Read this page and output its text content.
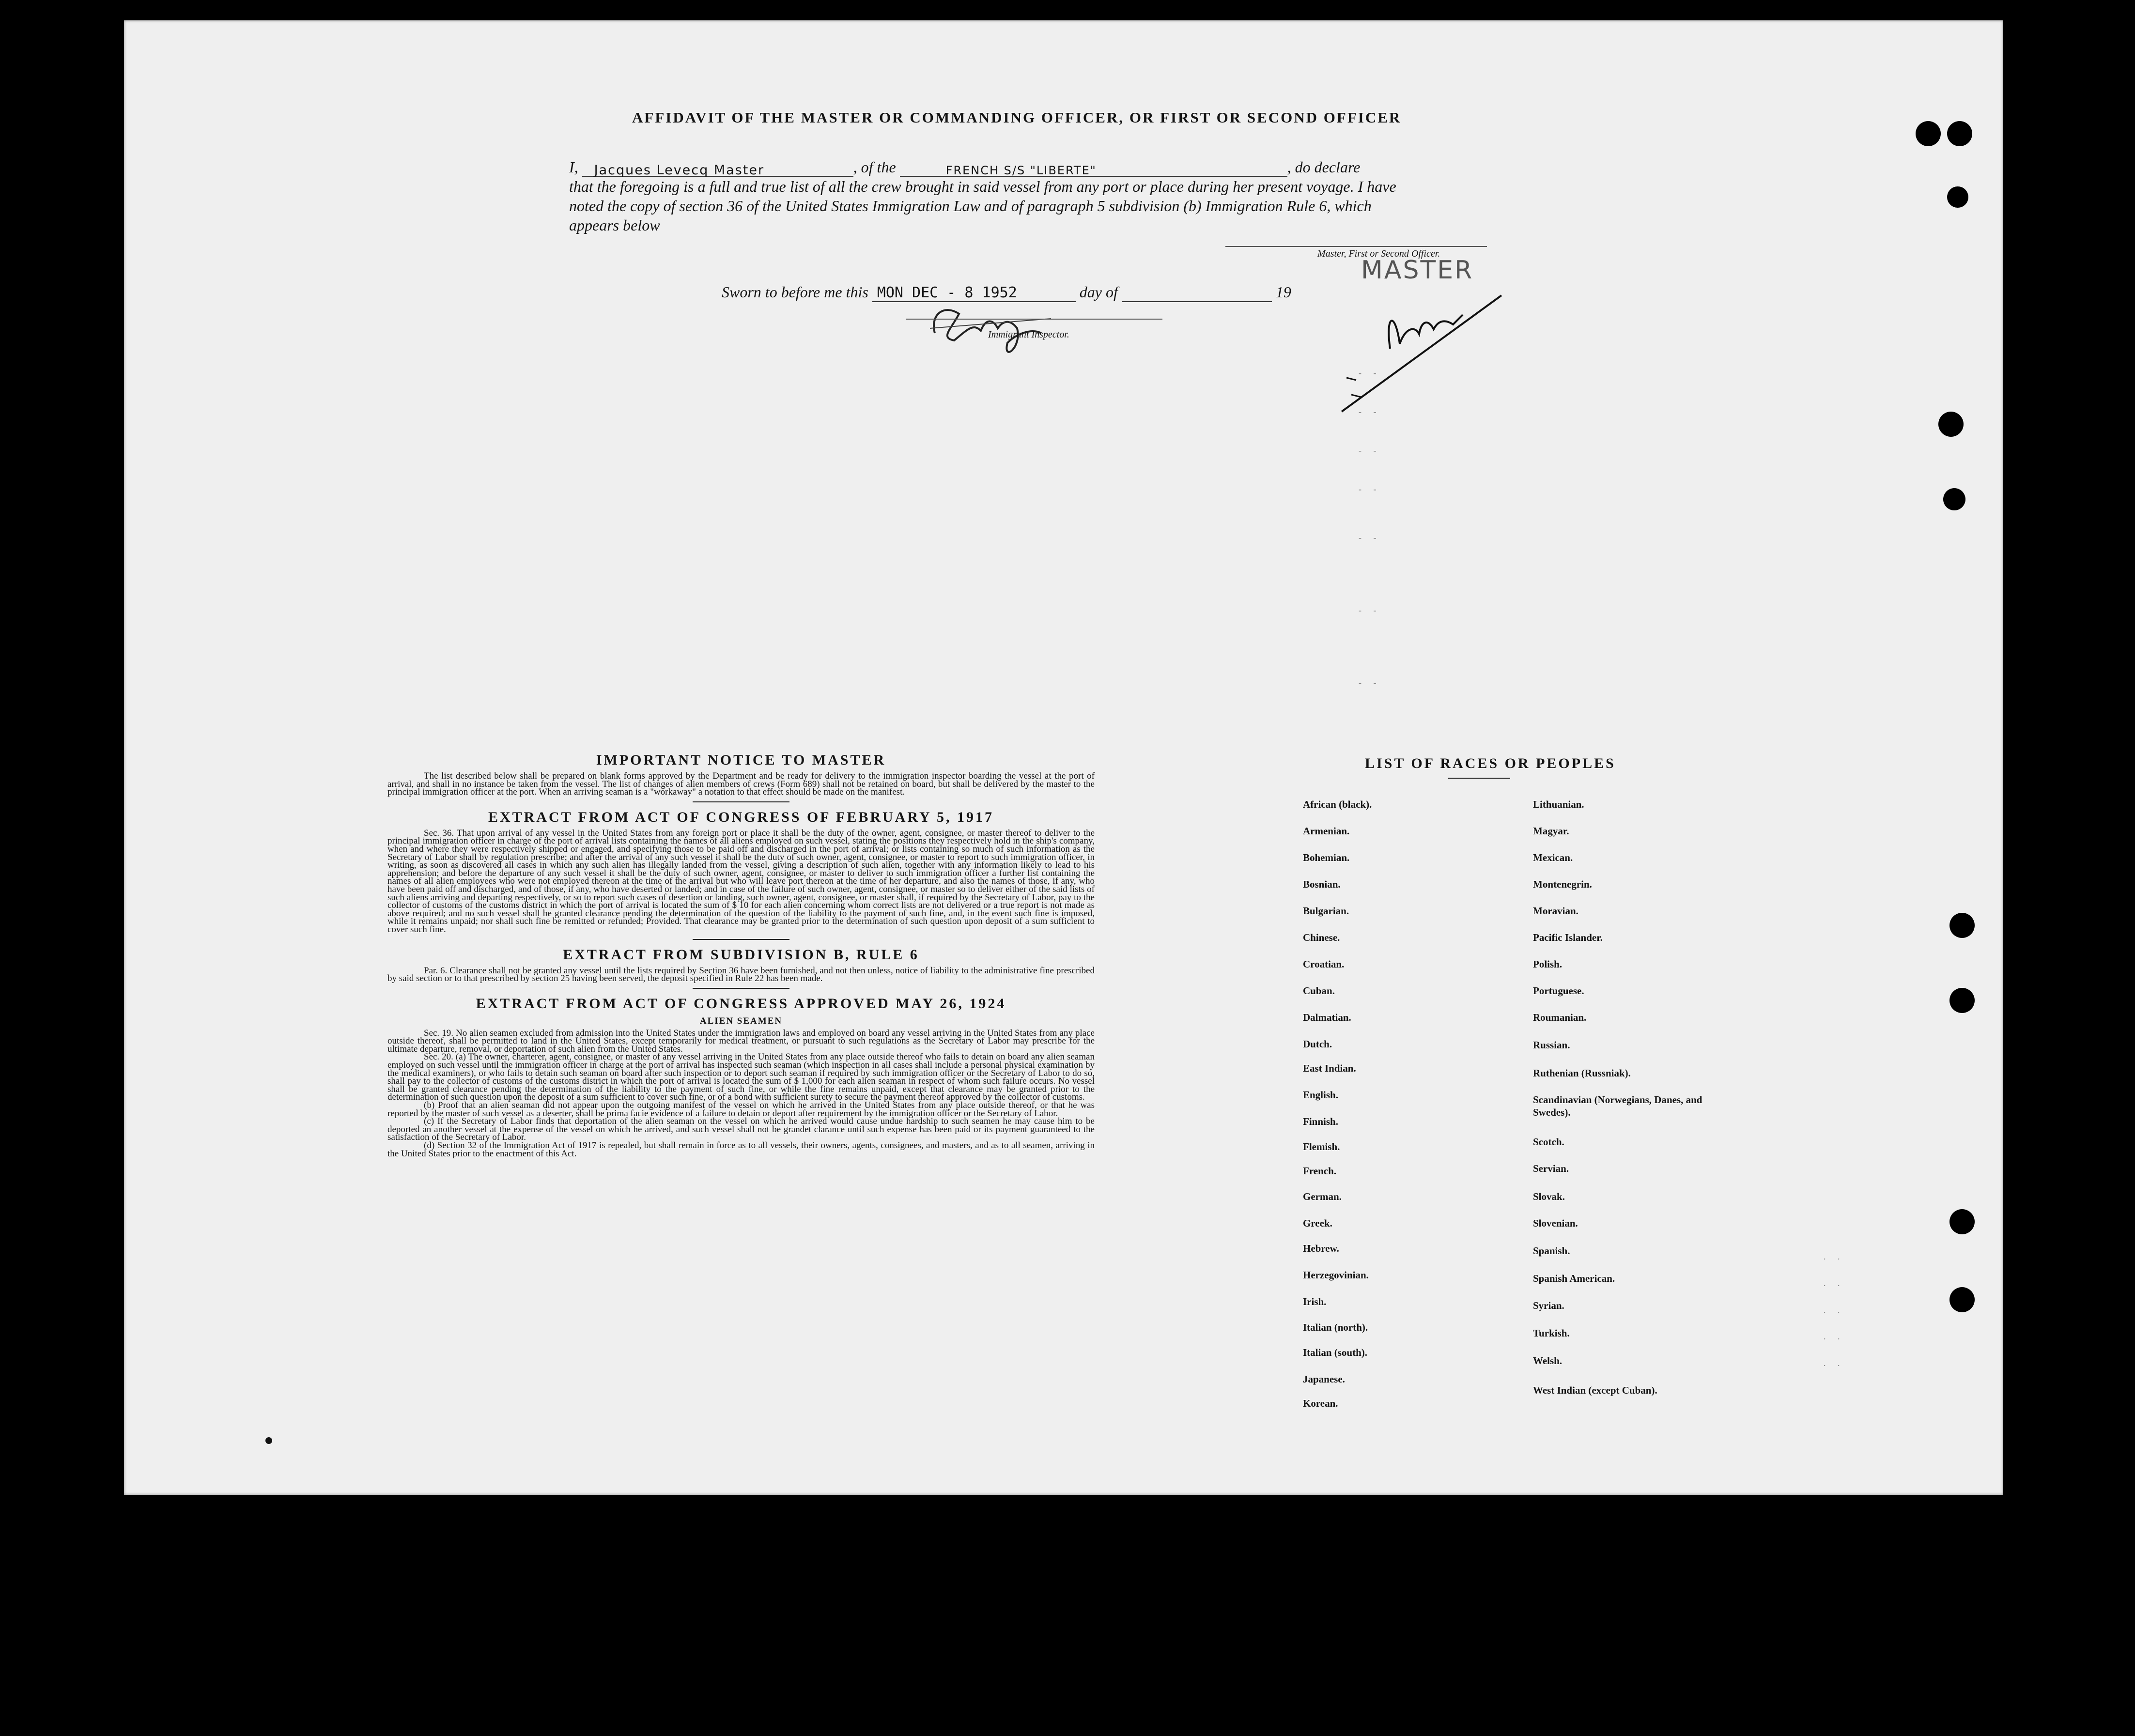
AFFIDAVIT OF THE MASTER OR COMMANDING OFFICER, OR FIRST OR SECOND OFFICER
I, Jacques Levecq Master	, of the	FRENCH S/S "LIBERTE"	, do declare
that the foregoing is a full and true list of all the crew brought in said vessel from any port or place during her present voyage. I have noted the copy of section 36 of the United States Immigration Law and of paragraph 5 subdivision (b) Immigration Rule 6, which appears below
Master, First or Second Officer.
MASTER
Sworn to before me this MON DEC - 8 1952	day of	19
Immigrant Inspector.
- -
- -
- -
- -
- -
- -
- -
. .
. .
. .
. .
. .
IMPORTANT NOTICE TO MASTER

The list described below shall be prepared on blank forms approved by the Department and be ready for delivery to the immigration inspector boarding the vessel at the port of arrival, and shall in no instance be taken from the vessel. The list of changes of alien members of crews (Form 689) shall not be retained on board, but shall be delivered by the master to the principal immigration officer at the port. When an arriving seaman is a "workaway" a notation to that effect should be made on the manifest.

EXTRACT FROM ACT OF CONGRESS OF FEBRUARY 5, 1917

Sec. 36. That upon arrival of any vessel in the United States from any foreign port or place it shall be the duty of the owner, agent, consignee, or master thereof to deliver to the principal immigration officer in charge of the port of arrival lists containing the names of all aliens employed on such vessel, stating the positions they respectively hold in the ship's company, when and where they were respectively shipped or engaged, and specifying those to be paid off and discharged in the port of arrival; or lists containing so much of such information as the Secretary of Labor shall by regulation prescribe; and after the arrival of any such vessel it shall be the duty of such owner, agent, consignee, or master to report to such immigration officer, in writing, as soon as discovered all cases in which any such alien has illegally landed from the vessel, giving a description of such alien, together with any information likely to lead to his apprehension; and before the departure of any such vessel it shall be the duty of such owner, agent, consignee, or master to deliver to such immigration officer a further list containing the names of all alien employees who were not employed thereon at the time of the arrival but who will leave port thereon at the time of her departure, and also the names of those, if any, who have been paid off and discharged, and of those, if any, who have deserted or landed; and in case of the failure of such owner, agent, consignee, or master so to deliver either of the said lists of such aliens arriving and departing respectively, or so to report such cases of desertion or landing, such owner, agent, consignee, or master shall, if required by the Secretary of Labor, pay to the collector of customs of the customs district in which the port of arrival is located the sum of $ 10 for each alien concerning whom correct lists are not delivered or a true report is not made as above required; and no such vessel shall be granted clearance pending the determination of the question of the liability to the payment of such fine, and, in the event such fine is imposed, while it remains unpaid; nor shall such fine be remitted or refunded; Provided. That clearance may be granted prior to the determination of such question upon deposit of a sum sufficient to cover such fine.

EXTRACT FROM SUBDIVISION B, RULE 6

Par. 6. Clearance shall not be granted any vessel until the lists required by Section 36 have been furnished, and not then unless, notice of liability to the administrative fine prescribed by said section or to that prescribed by section 25 having been served, the deposit specified in Rule 22 has been made.

EXTRACT FROM ACT OF CONGRESS APPROVED MAY 26, 1924
ALIEN SEAMEN

Sec. 19. No alien seamen excluded from admission into the United States under the immigration laws and employed on board any vessel arriving in the United States from any place outside thereof, shall be permitted to land in the United States, except temporarily for medical treatment, or pursuant to such regulations as the Secretary of Labor may prescribe for the ultimate departure, removal, or deportation of such alien from the United States.

Sec. 20. (a) The owner, charterer, agent, consignee, or master of any vessel arriving in the United States from any place outside thereof who fails to detain on board any alien seaman employed on such vessel until the immigration officer in charge at the port of arrival has inspected such seaman (which inspection in all cases shall include a personal physical examination by the medical examiners), or who fails to detain such seaman on board after such inspection or to deport such seaman if required by such immigration officer or the Secretary of Labor to do so, shall pay to the collector of customs of the customs district in which the port of arrival is located the sum of $ 1,000 for each alien seaman in respect of whom such failure occurs. No vessel shall be granted clearance pending the determination of the liability to the payment of such fine, or while the fine remains unpaid, except that clearance may be granted prior to the determination of such question upon the deposit of a sum sufficient to cover such fine, or of a bond with sufficient surety to secure the payment thereof approved by the collector of customs.

(b) Proof that an alien seaman did not appear upon the outgoing manifest of the vessel on which he arrived in the United States from any place outside thereof, or that he was reported by the master of such vessel as a deserter, shall be prima facie evidence of a failure to detain or deport after requirement by the immigration officer or the Secretary of Labor.

(c) If the Secretary of Labor finds that deportation of the alien seaman on the vessel on which he arrived would cause undue hardship to such seamen he may cause him to be deported an another vessel at the expense of the vessel on which he arrived, and such vessel shall not be grandet clarance until such expense has been paid or its payment guaranteed to the satisfaction of the Secretary of Labor.

(d) Section 32 of the Immigration Act of 1917 is repealed, but shall remain in force as to all vessels, their owners, agents, consignees, and masters, and as to all seamen, arriving in the United States prior to the enactment of this Act.

LIST OF RACES OR PEOPLES
African (black).
Armenian.
Bohemian.
Bosnian.
Bulgarian.
Chinese.
Croatian.
Cuban.
Dalmatian.
Dutch.
East Indian.
English.
Finnish.
Flemish.
French.
German.
Greek.
Hebrew.
Herzegovinian.
Irish.
Italian (north).
Italian (south).
Japanese.
Korean.
Lithuanian.
Magyar.
Mexican.
Montenegrin.
Moravian.
Pacific Islander.
Polish.
Portuguese.
Roumanian.
Russian.
Ruthenian (Russniak).
Scandinavian (Norwegians, Danes, and Swedes).
Scotch.
Servian.
Slovak.
Slovenian.
Spanish.
Spanish American.
Syrian.
Turkish.
Welsh.
West Indian (except Cuban).
